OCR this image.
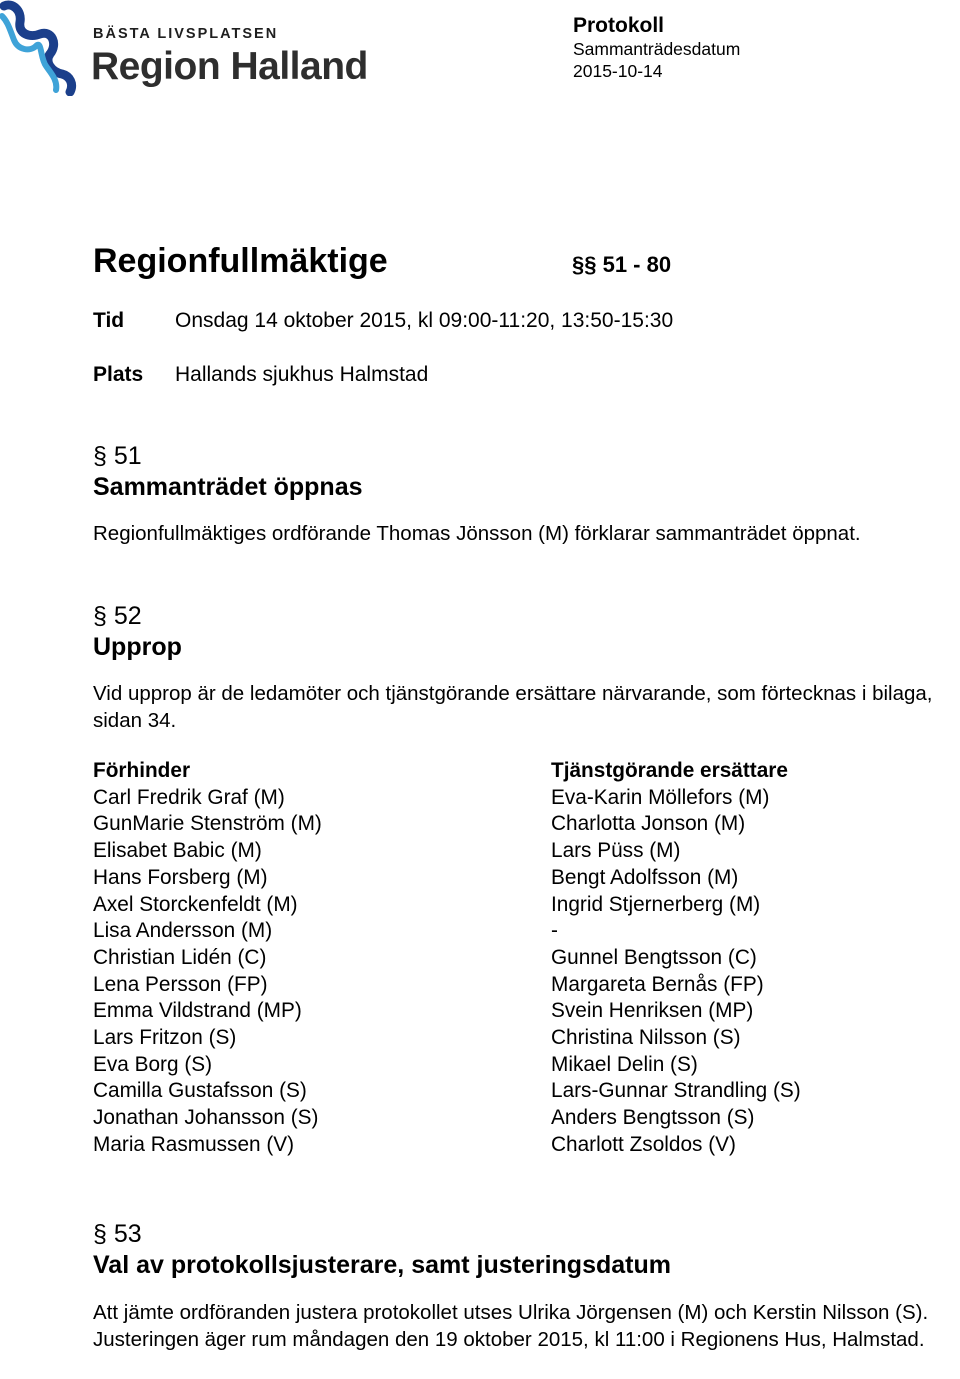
BÄSTA LIVSPLATSEN
Region Halland
Protokoll
Sammanträdesdatum
2015-10-14
Regionfullmäktige	§§ 51 - 80
Tid Onsdag 14 oktober 2015, kl 09:00-11:20, 13:50-15:30
Plats Hallands sjukhus Halmstad
§ 51
Sammanträdet öppnas
Regionfullmäktiges ordförande Thomas Jönsson (M) förklarar sammanträdet öppnat.
§ 52
Upprop
Vid upprop är de ledamöter och tjänstgörande ersättare närvarande, som förtecknas i bilaga, sidan 34.
Förhinder
Carl Fredrik Graf (M)
GunMarie Stenström (M)
Elisabet Babic (M)
Hans Forsberg (M)
Axel Storckenfeldt (M)
Lisa Andersson (M)
Christian Lidén (C)
Lena Persson (FP)
Emma Vildstrand (MP)
Lars Fritzon (S)
Eva Borg (S)
Camilla Gustafsson (S)
Jonathan Johansson (S)
Maria Rasmussen (V)
Tjänstgörande ersättare
Eva-Karin Möllefors (M)
Charlotta Jonson (M)
Lars Püss (M)
Bengt Adolfsson (M)
Ingrid Stjernerberg (M)
-
Gunnel Bengtsson (C)
Margareta Bernås (FP)
Svein Henriksen (MP)
Christina Nilsson (S)
Mikael Delin (S)
Lars-Gunnar Strandling (S)
Anders Bengtsson (S)
Charlott Zsoldos (V)
§ 53
Val av protokollsjusterare, samt justeringsdatum
Att jämte ordföranden justera protokollet utses Ulrika Jörgensen (M) och Kerstin Nilsson (S). Justeringen äger rum måndagen den 19 oktober 2015, kl 11:00 i Regionens Hus, Halmstad.
